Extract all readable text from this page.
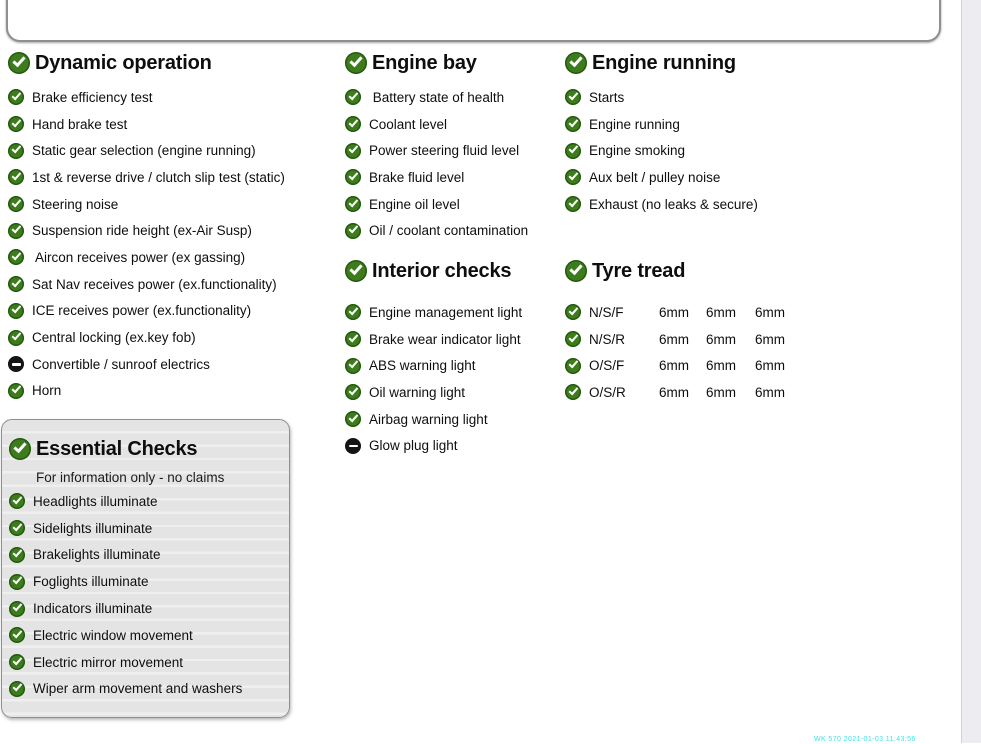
Dynamic operation
Brake efficiency test
Hand brake test
Static gear selection (engine running)
1st & reverse drive / clutch slip test (static)
Steering noise
Suspension ride height (ex-Air Susp)
Aircon receives power (ex gassing)
Sat Nav receives power (ex.functionality)
ICE receives power (ex.functionality)
Central locking (ex.key fob)
Convertible / sunroof electrics
Horn
Engine bay
Battery state of health
Coolant level
Power steering fluid level
Brake fluid level
Engine oil level
Oil / coolant contamination
Engine running
Starts
Engine running
Engine smoking
Aux belt / pulley noise
Exhaust (no leaks & secure)
Interior checks
Engine management light
Brake wear indicator light
ABS warning light
Oil warning light
Airbag warning light
Glow plug light
Tyre tread
N/S/F	6mm 6mm 6mm
N/S/R	6mm 6mm 6mm
O/S/F	6mm 6mm 6mm
O/S/R	6mm 6mm 6mm
Essential Checks
For information only - no claims
Headlights illuminate
Sidelights illuminate
Brakelights illuminate
Foglights illuminate
Indicators illuminate
Electric window movement
Electric mirror movement
Wiper arm movement and washers
WK 570 2021-01-03 11:43:56
